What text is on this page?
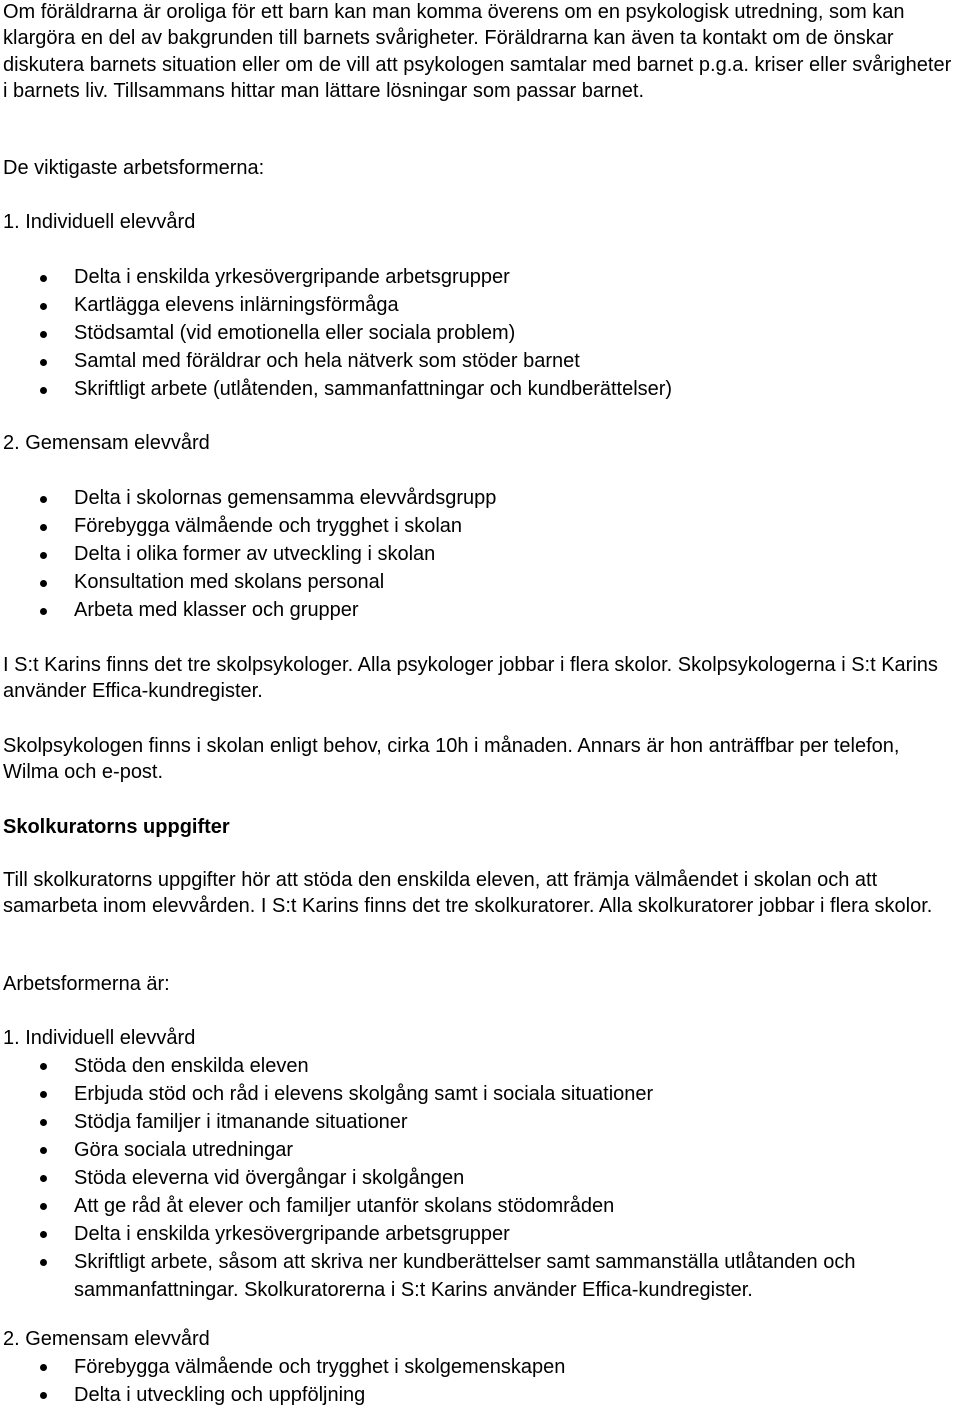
Om föräldrarna är oroliga för ett barn kan man komma överens om en psykologisk utredning, som kan klargöra en del av bakgrunden till barnets svårigheter. Föräldrarna kan även ta kontakt om de önskar diskutera barnets situation eller om de vill att psykologen samtalar med barnet p.g.a. kriser eller svårigheter i barnets liv. Tillsammans hittar man lättare lösningar som passar barnet.

De viktigaste arbetsformerna:

1. Individuell elevvård

Delta i enskilda yrkesövergripande arbetsgrupper
Kartlägga elevens inlärningsförmåga
Stödsamtal (vid emotionella eller sociala problem)
Samtal med föräldrar och hela nätverk som stöder barnet
Skriftligt arbete (utlåtenden, sammanfattningar och kundberättelser)

2. Gemensam elevvård

Delta i skolornas gemensamma elevvårdsgrupp
Förebygga välmående och trygghet i skolan
Delta i olika former av utveckling i skolan
Konsultation med skolans personal
Arbeta med klasser och grupper

I S:t Karins finns det tre skolpsykologer. Alla psykologer jobbar i flera skolor. Skolpsykologerna i S:t Karins använder Effica-kundregister.

Skolpsykologen finns i skolan enligt behov, cirka 10h i månaden. Annars är hon anträffbar per telefon, Wilma och e-post.

Skolkuratorns uppgifter

Till skolkuratorns uppgifter hör att stöda den enskilda eleven, att främja välmåendet i skolan och att samarbeta inom elevvården. I S:t Karins finns det tre skolkuratorer. Alla skolkuratorer jobbar i flera skolor.

Arbetsformerna är:

1. Individuell elevvård

Stöda den enskilda eleven
Erbjuda stöd och råd i elevens skolgång samt i sociala situationer
Stödja familjer i itmanande situationer
Göra sociala utredningar
Stöda eleverna vid övergångar i skolgången
Att ge råd åt elever och familjer utanför skolans stödområden
Delta i enskilda yrkesövergripande arbetsgrupper
Skriftligt arbete, såsom att skriva ner kundberättelser samt sammanställa utlåtanden och sammanfattningar. Skolkuratorerna i S:t Karins använder Effica-kundregister.

2. Gemensam elevvård

Förebygga välmående och trygghet i skolgemenskapen
Delta i utveckling och uppföljning
